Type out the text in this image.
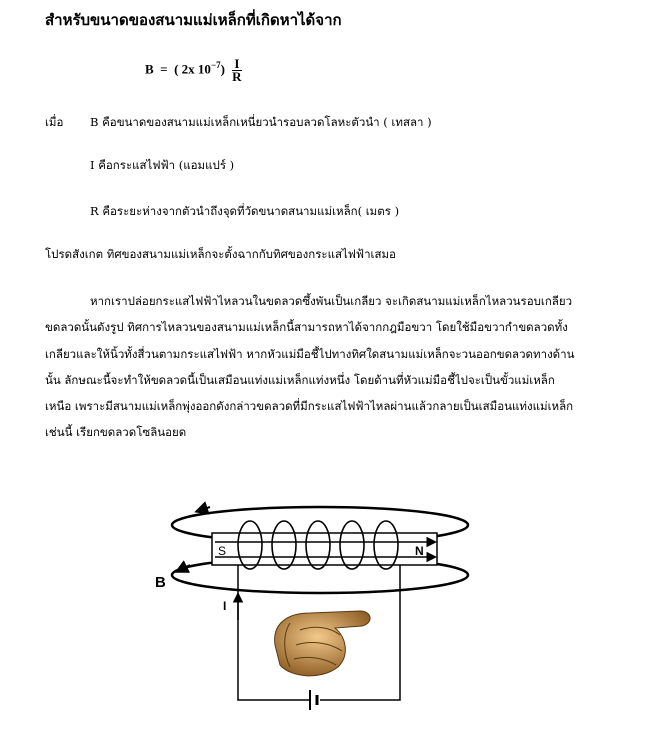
สำหรับขนาดของสนามแม่เหล็กที่เกิดหาได้จาก
B = ( 2x $10^{-7}) \frac{I}{R}$
เมื่อ B คือขนาดของสนามแม่เหล็กเหนี่ยวนำรอบลวดโลหะตัวนำ ( เทสลา )
I คือกระแสไฟฟ้า (แอมแปร์ )
R คือระยะห่างจากตัวนำถึงจุดที่วัดขนาดสนามแม่เหล็ก( เมตร )
โปรดสังเกต ทิศของสนามแม่เหล็กจะตั้งฉากกับทิศของกระแสไฟฟ้าเสมอ
หากเราปล่อยกระแสไฟฟ้าไหลวนในขดลวดซึ้งพันเป็นเกลียว จะเกิดสนามแม่เหล็กไหลวนรอบเกลียว
ขดลวดนั้นดังรูป ทิศการไหลวนของสนามแม่เหล็กนี้สามารถหาได้จากกฎมือขวา โดยใช้มือขวากำขดลวดทั้ง
เกลียวและให้นิ้วทั้งสี่วนตามกระแสไฟฟ้า หากหัวแม่มือชี้ไปทางทิศใดสนามแม่เหล็กจะวนออกขดลวดทางด้าน
นั้น ลักษณะนี้จะทำให้ขดลวดนี้เป็นเสมือนแท่งแม่เหล็กแท่งหนึ่ง โดยด้านที่หัวแม่มือชี้ไปจะเป็นขั้วแม่เหล็ก
เหนือ เพราะมีสนามแม่เหล็กพุ่งออกดังกล่าวขดลวดที่มีกระแสไฟฟ้าไหลผ่านแล้วกลายเป็นเสมือนแท่งแม่เหล็ก
เช่นนี้ เรียกขดลวดโซลินอยด
S	N
B
I
